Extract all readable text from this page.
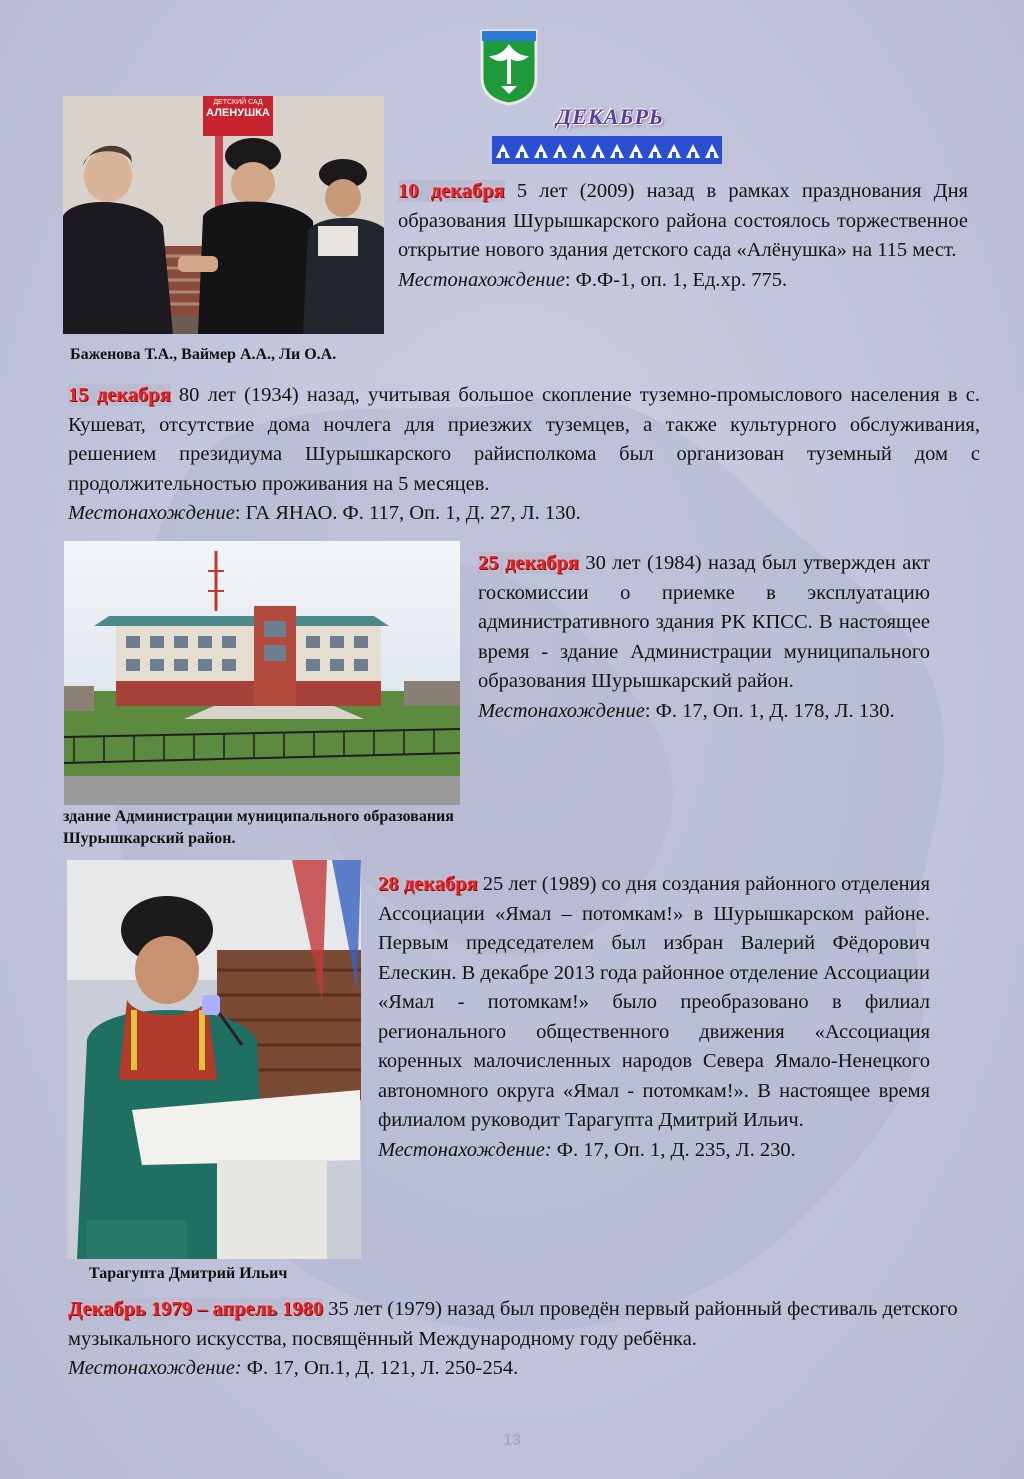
ДЕКАБРЬ
ДЕТСКИЙ САД
АЛЕНУШКА
Баженова Т.А., Ваймер А.А., Ли О.А.
10 декабря 5 лет (2009) назад в рамках празднования Дня образования Шурышкарского района состоялось торжественное открытие нового здания детского сада «Алёнушка» на 115 мест.
Местонахождение: Ф.Ф-1, оп. 1, Ед.хр. 775.
15 декабря 80 лет (1934) назад, учитывая большое скопление туземно-промыслового населения в с. Кушеват, отсутствие дома ночлега для приезжих туземцев, а также культурного обслуживания, решением президиума Шурышкарского райисполкома был организован туземный дом с продолжительностью проживания на 5 месяцев.
Местонахождение: ГА ЯНАО. Ф. 117, Оп. 1, Д. 27, Л. 130.
здание Администрации муниципального образования Шурышкарский район.
25 декабря 30 лет (1984) назад был утвержден акт госкомиссии о приемке в эксплуатацию административного здания РК КПСС. В настоящее время - здание Администрации муниципального образования Шурышкарский район.
Местонахождение: Ф. 17, Оп. 1, Д. 178, Л. 130.
Тарагупта Дмитрий Ильич
28 декабря 25 лет (1989) со дня создания районного отделения Ассоциации «Ямал – потомкам!» в Шурышкарском районе. Первым председателем был избран Валерий Фёдорович Елескин. В декабре 2013 года районное отделение Ассоциации «Ямал - потомкам!» было преобразовано в филиал регионального общественного движения «Ассоциация коренных малочисленных народов Севера Ямало-Ненецкого автономного округа «Ямал - потомкам!». В настоящее время филиалом руководит Тарагупта Дмитрий Ильич.
Местонахождение: Ф. 17, Оп. 1, Д. 235, Л. 230.
Декабрь 1979 – апрель 1980 35 лет (1979) назад был проведён первый районный фестиваль детского музыкального искусства, посвящённый Международному году ребёнка.
Местонахождение: Ф. 17, Оп.1, Д. 121, Л. 250-254.
13
